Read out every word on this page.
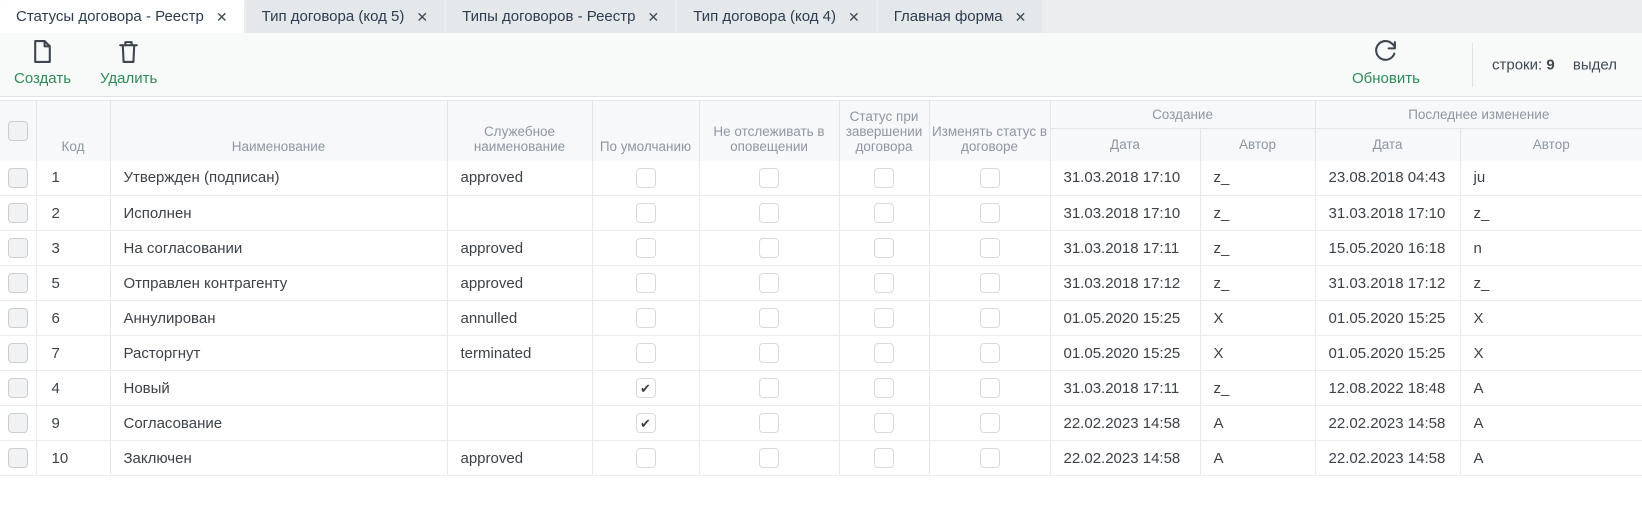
Статусы договора - Реестр ✕ Тип договора (код 5) ✕ Типы договоров - Реестр ✕ Тип договора (код 4) ✕ Главная форма ✕
Создать Удалить	Обновить
строки: 9 выдел
	Код	Наименование	Служебное наименование	По умолчанию	Не отслеживать в оповещении	Статус при завершении договора	Изменять статус в договоре	Создание		Последнее изменение	
								Дата	Автор	Дата	Автор
	1	Утвержден (подписан)	approved					31.03.2018 17:10	z_	23.08.2018 04:43	ju
	2	Исполнен						31.03.2018 17:10	z_	31.03.2018 17:10	z_
	3	На согласовании	approved					31.03.2018 17:11	z_	15.05.2020 16:18	n
	5	Отправлен контрагенту	approved					31.03.2018 17:12	z_	31.03.2018 17:12	z_
	6	Аннулирован	annulled					01.05.2020 15:25	X	01.05.2020 15:25	X
	7	Расторгнут	terminated					01.05.2020 15:25	X	01.05.2020 15:25	X
	4	Новый		✔				31.03.2018 17:11	z_	12.08.2022 18:48	A
	9	Согласование		✔				22.02.2023 14:58	A	22.02.2023 14:58	A
	10	Заключен	approved					22.02.2023 14:58	A	22.02.2023 14:58	A
